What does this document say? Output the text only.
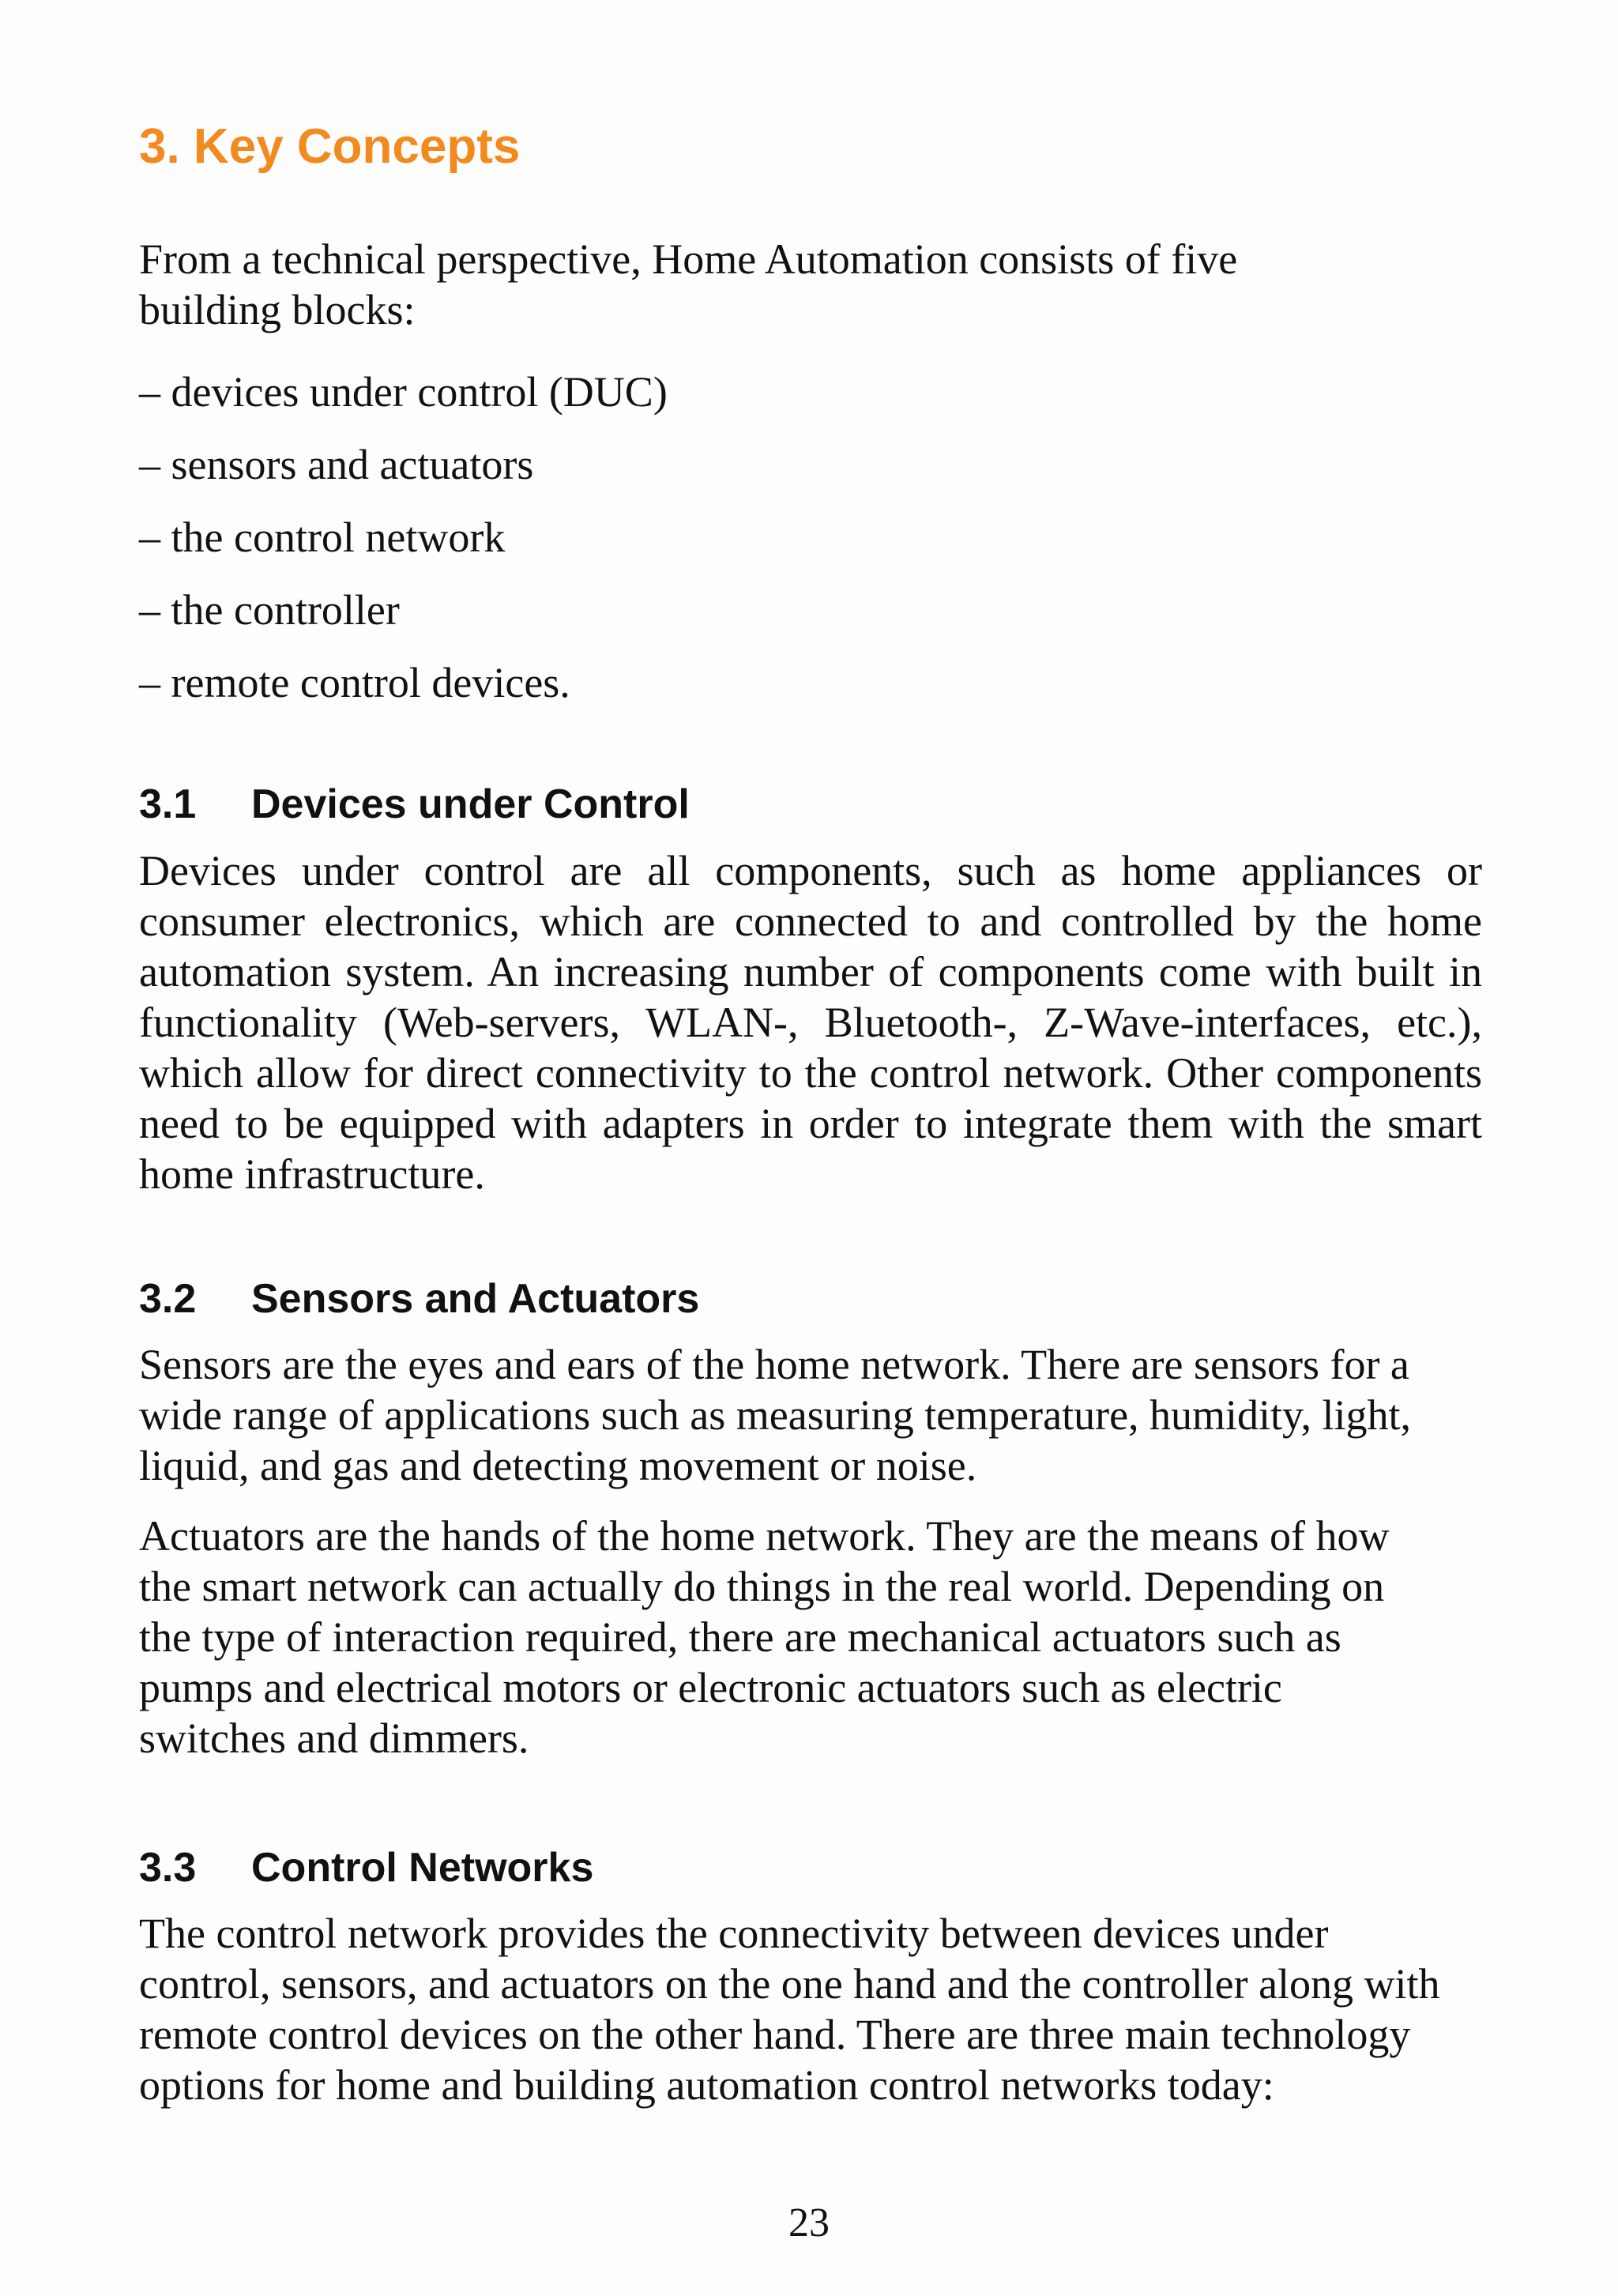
3. Key Concepts

From a technical perspective, Home Automation consists of five building blocks:

– devices under control (DUC)

– sensors and actuators

– the control network

– the controller

– remote control devices.

3.1 Devices under Control

Devices under control are all components, such as home appliances or consumer electronics, which are connected to and controlled by the home automation system. An increasing number of components come with built in functionality (Web-servers, WLAN-, Bluetooth-, Z-Wave-interfaces, etc.), which allow for direct connectivity to the control network. Other components need to be equipped with adapters in order to integrate them with the smart home infrastructure.

3.2 Sensors and Actuators

Sensors are the eyes and ears of the home network. There are sensors for a wide range of applications such as measuring temperature, humidity, light, liquid, and gas and detecting movement or noise.

Actuators are the hands of the home network. They are the means of how the smart network can actually do things in the real world. Depending on the type of interaction required, there are mechanical actuators such as pumps and electrical motors or electronic actuators such as electric switches and dimmers.

3.3 Control Networks

The control network provides the connectivity between devices under control, sensors, and actuators on the one hand and the controller along with remote control devices on the other hand. There are three main technology options for home and building automation control networks today:

23
